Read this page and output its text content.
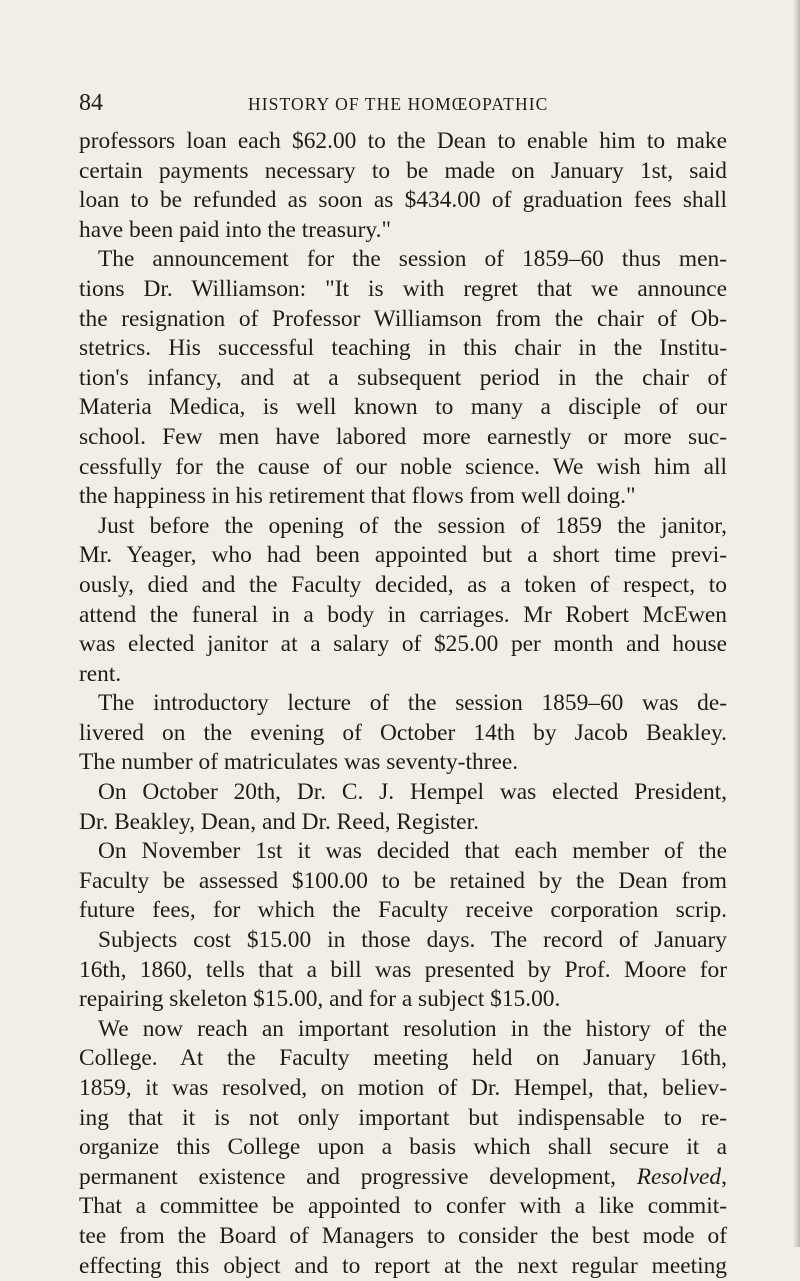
84	HISTORY OF THE HOMŒOPATHIC
professors loan each $62.00 to the Dean to enable him to make
certain payments necessary to be made on January 1st, said
loan to be refunded as soon as $434.00 of graduation fees shall
have been paid into the treasury."
The announcement for the session of 1859–60 thus men-
tions Dr. Williamson: "It is with regret that we announce
the resignation of Professor Williamson from the chair of Ob-
stetrics. His successful teaching in this chair in the Institu-
tion's infancy, and at a subsequent period in the chair of
Materia Medica, is well known to many a disciple of our
school. Few men have labored more earnestly or more suc-
cessfully for the cause of our noble science. We wish him all
the happiness in his retirement that flows from well doing."
Just before the opening of the session of 1859 the janitor,
Mr. Yeager, who had been appointed but a short time previ-
ously, died and the Faculty decided, as a token of respect, to
attend the funeral in a body in carriages. Mr Robert McEwen
was elected janitor at a salary of $25.00 per month and house
rent.
The introductory lecture of the session 1859–60 was de-
livered on the evening of October 14th by Jacob Beakley.
The number of matriculates was seventy-three.
On October 20th, Dr. C. J. Hempel was elected President,
Dr. Beakley, Dean, and Dr. Reed, Register.
On November 1st it was decided that each member of the
Faculty be assessed $100.00 to be retained by the Dean from
future fees, for which the Faculty receive corporation scrip.
Subjects cost $15.00 in those days. The record of January
16th, 1860, tells that a bill was presented by Prof. Moore for
repairing skeleton $15.00, and for a subject $15.00.
We now reach an important resolution in the history of the
College. At the Faculty meeting held on January 16th,
1859, it was resolved, on motion of Dr. Hempel, that, believ-
ing that it is not only important but indispensable to re-
organize this College upon a basis which shall secure it a
permanent existence and progressive development, Resolved,
That a committee be appointed to confer with a like commit-
tee from the Board of Managers to consider the best mode of
effecting this object and to report at the next regular meeting
